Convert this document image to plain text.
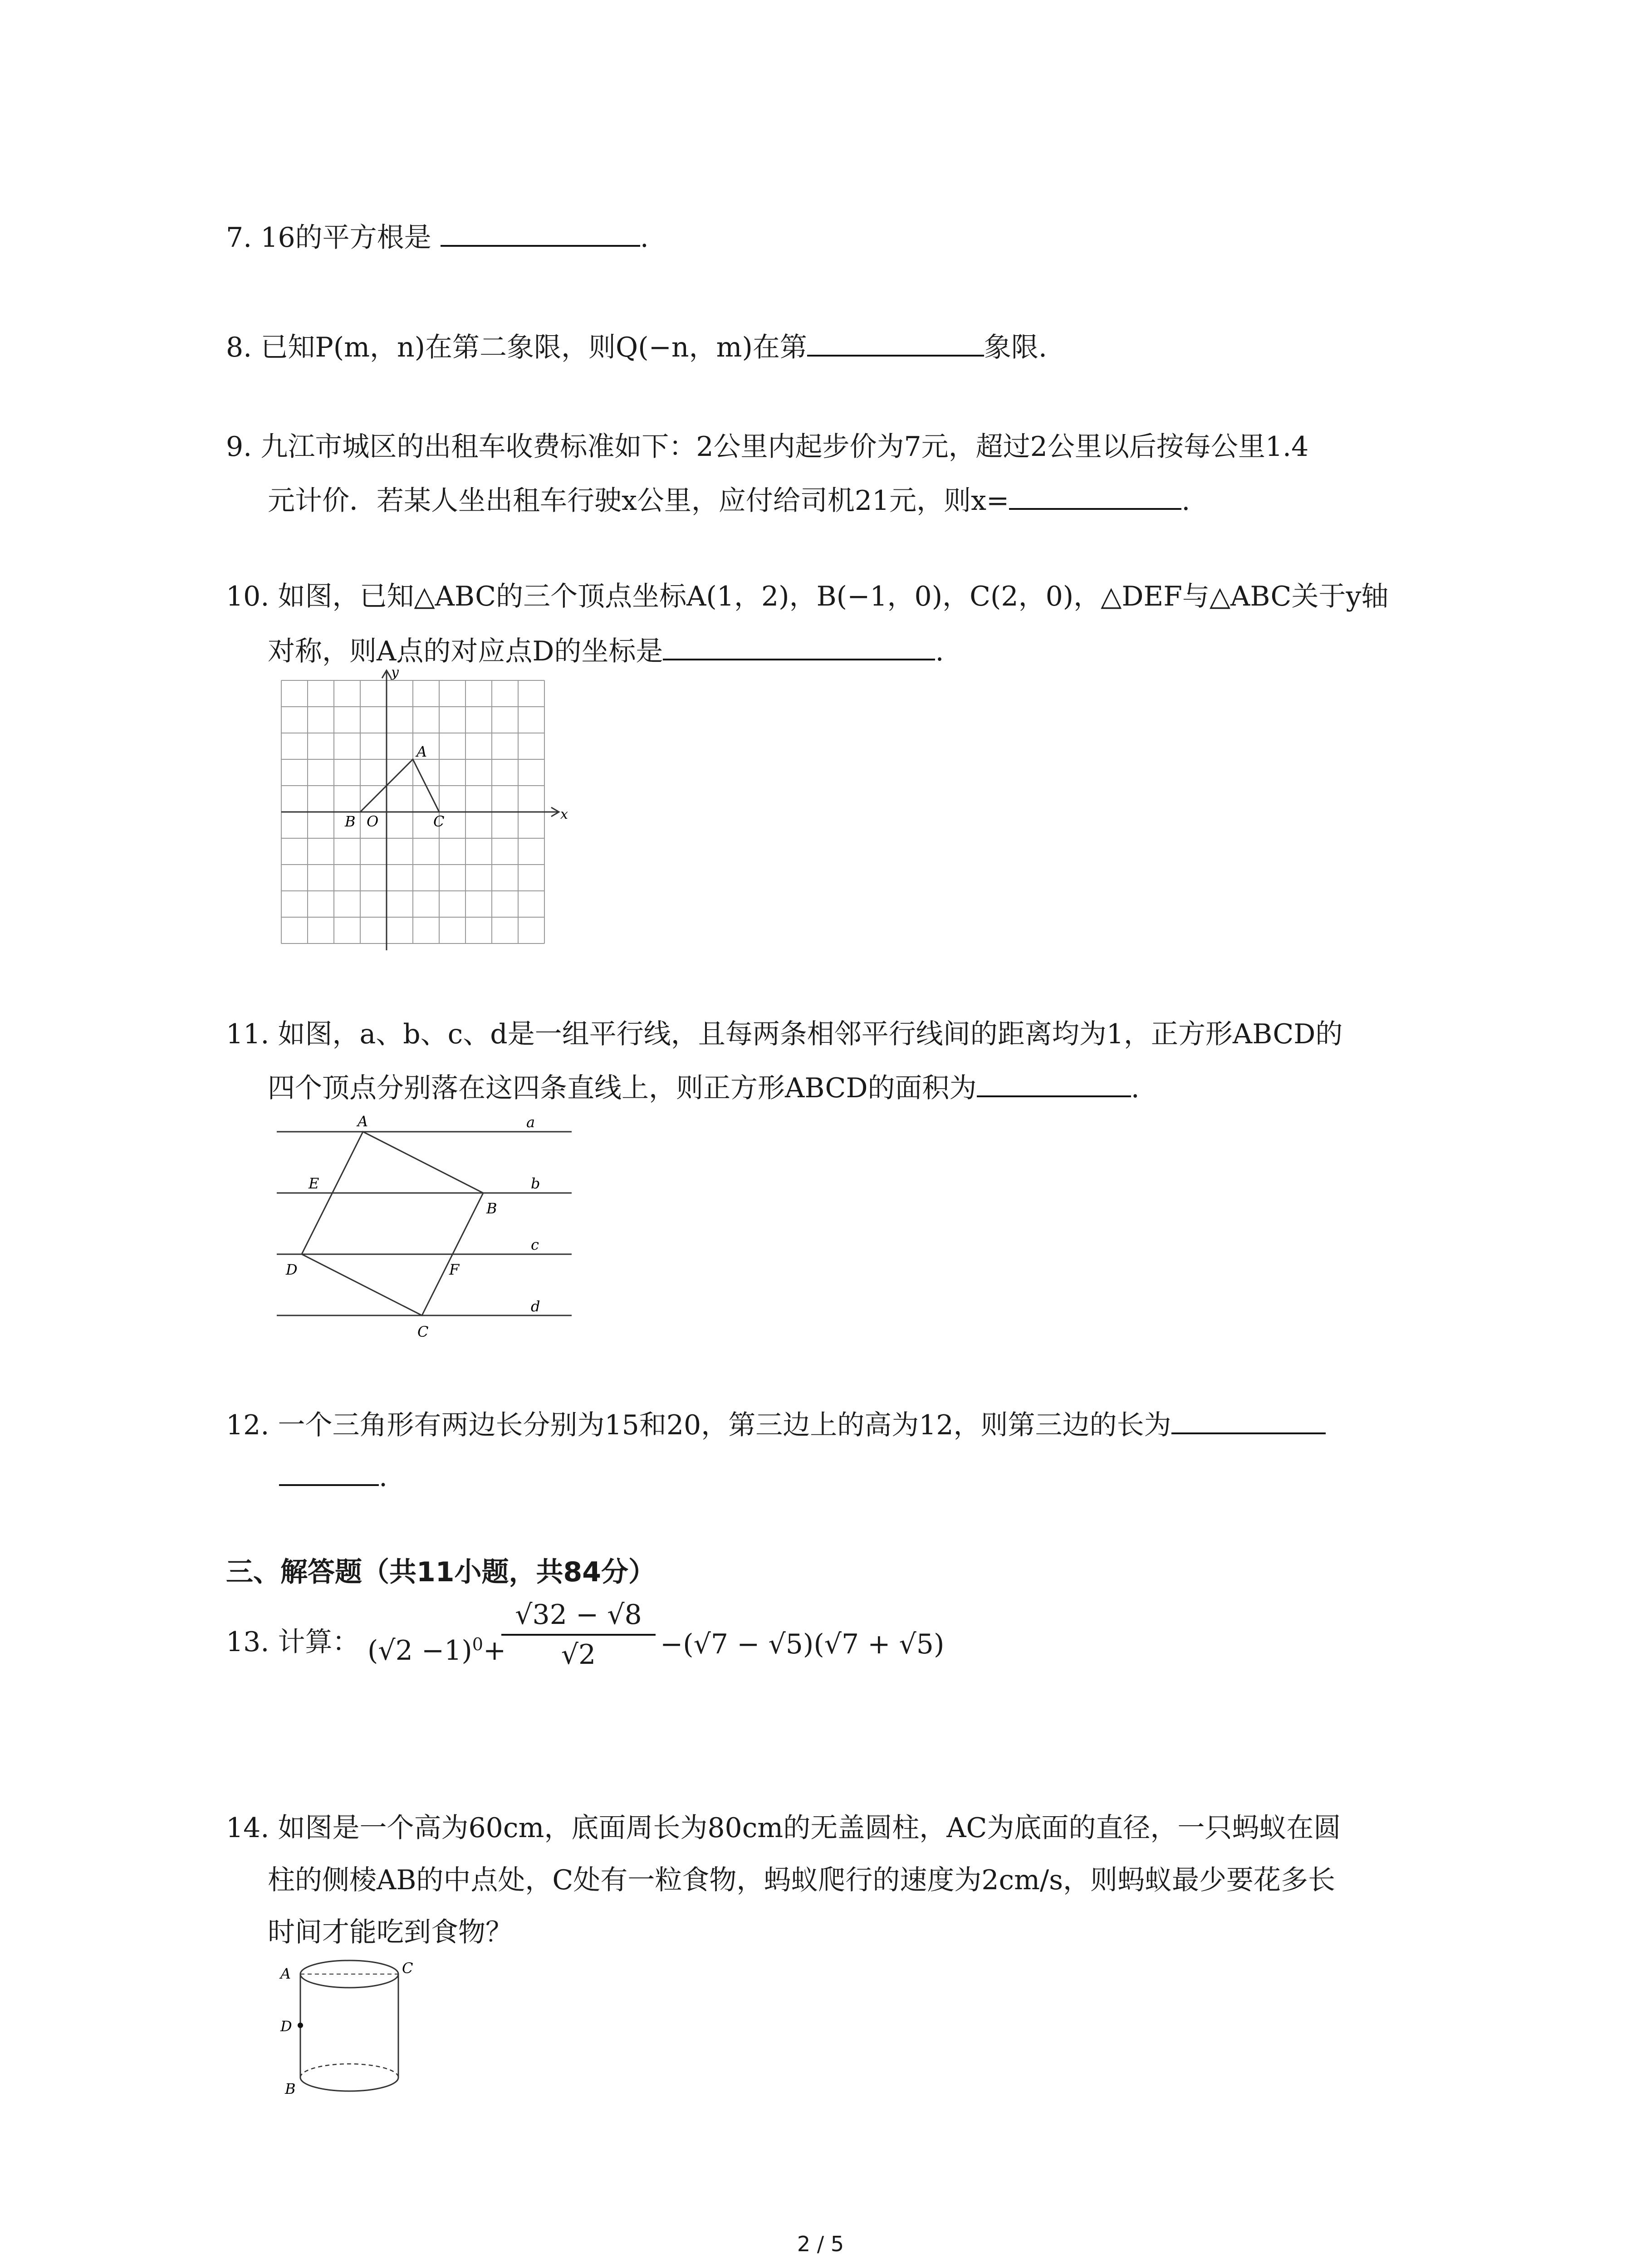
7. 16的平方根是	.
8. 已知P(m，n)在第二象限，则Q(−n，m)在第	象限.
9. 九江市城区的出租车收费标准如下：2公里内起步价为7元，超过2公里以后按每公里1.4
元计价．若某人坐出租车行驶x公里，应付给司机21元，则x=	.
10. 如图，已知△ABC的三个顶点坐标A(1，2)，B(−1，0)，C(2，0)，△DEF与△ABC关于y轴
对称，则A点的对应点D的坐标是	.
y
x
A
B O	C
11. 如图，a、b、c、d是一组平行线，且每两条相邻平行线间的距离均为1，正方形ABCD的
四个顶点分别落在这四条直线上，则正方形ABCD的面积为	.
A
B
C
D
E
F
a
b
c
d
12. 一个三角形有两边长分别为15和20，第三边上的高为12，则第三边的长为
.
三、解答题（共11小题，共84分）
13. 计算： $(√2 -1)^0+$
√32 − √8
√2	−(√7 − √5)(√7 + √5)
14. 如图是一个高为60cm，底面周长为80cm的无盖圆柱，AC为底面的直径，一只蚂蚁在圆
柱的侧棱AB的中点处，C处有一粒食物，蚂蚁爬行的速度为2cm/s，则蚂蚁最少要花多长
时间才能吃到食物？
A	C
D
B
2 / 5
